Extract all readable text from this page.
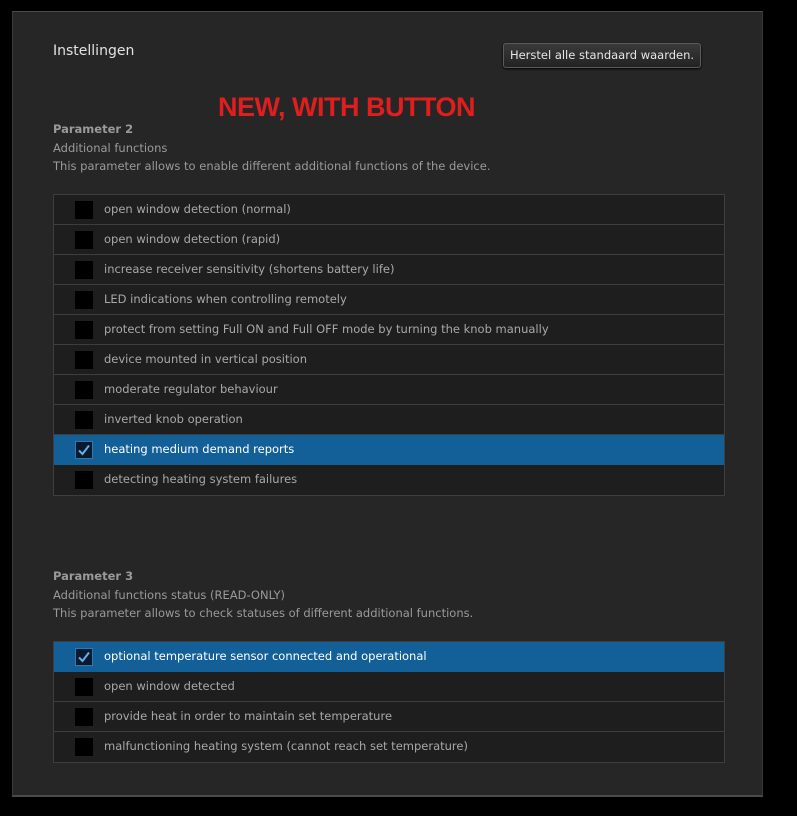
Instellingen	Herstel alle standaard waarden.
NEW, WITH BUTTON
Parameter 2
Additional functions
This parameter allows to enable different additional functions of the device.
open window detection (normal)
open window detection (rapid)
increase receiver sensitivity (shortens battery life)
LED indications when controlling remotely
protect from setting Full ON and Full OFF mode by turning the knob manually
device mounted in vertical position
moderate regulator behaviour
inverted knob operation
heating medium demand reports
detecting heating system failures
Parameter 3
Additional functions status (READ-ONLY)
This parameter allows to check statuses of different additional functions.
optional temperature sensor connected and operational
open window detected
provide heat in order to maintain set temperature
malfunctioning heating system (cannot reach set temperature)
